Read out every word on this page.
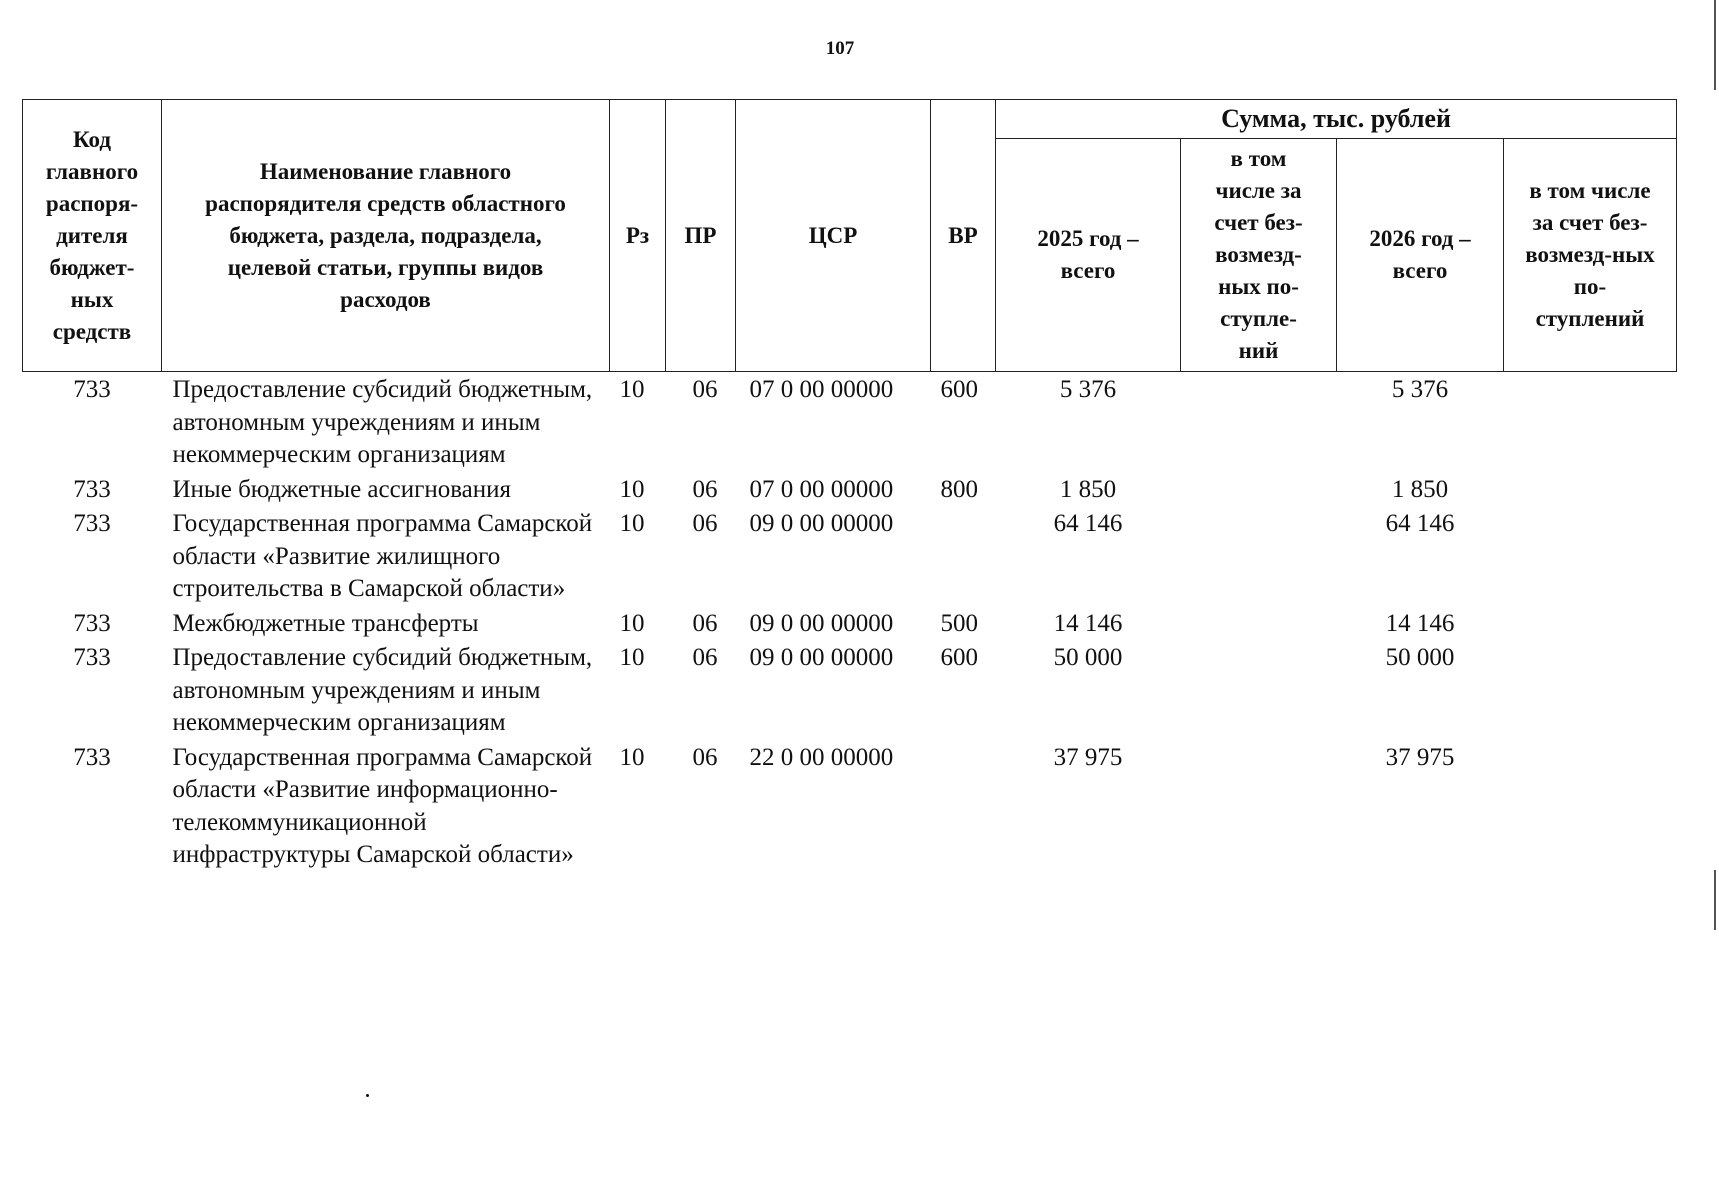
107
Код главного распоря-дителя бюджет-ных средств	Наименование главного распорядителя средств областного бюджета, раздела, подраздела, целевой статьи, группы видов расходов	Рз	ПР	ЦСР	ВР	Сумма, тыс. рублей			

						2025 год – всего	в том числе за счет без-возмезд-ных по-ступле-ний	2026 год – всего	в том числе за счет без-возмезд-ных по-ступлений

733	Предоставление субсидий бюджетным, автономным учреждениям и иным некоммерческим организациям	10	06	07 0 00 00000	600	5 376		5 376	
733	Иные бюджетные ассигнования	10	06	07 0 00 00000	800	1 850		1 850	
733	Государственная программа Самарской области «Развитие жилищного строительства в Самарской области»	10	06	09 0 00 00000		64 146		64 146	
733	Межбюджетные трансферты	10	06	09 0 00 00000	500	14 146		14 146	
733	Предоставление субсидий бюджетным, автономным учреждениям и иным некоммерческим организациям	10	06	09 0 00 00000	600	50 000		50 000	
733	Государственная программа Самарской области «Развитие информационно-телекоммуникационной инфраструктуры Самарской области»	10	06	22 0 00 00000		37 975		37 975	
